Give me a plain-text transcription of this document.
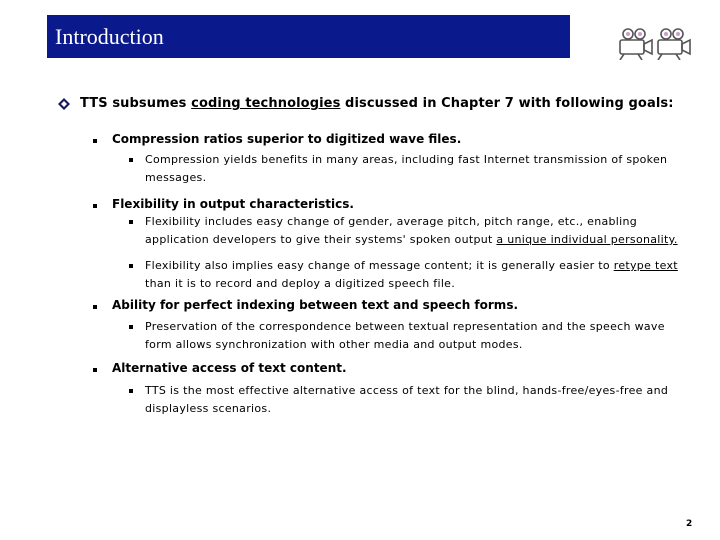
Introduction
TTS subsumes coding technologies discussed in Chapter 7 with following goals:
Compression ratios superior to digitized wave files.
Compression yields benefits in many areas, including fast Internet transmission of spoken messages.
Flexibility in output characteristics.
Flexibility includes easy change of gender, average pitch, pitch range, etc., enabling application developers to give their systems' spoken output a unique individual personality.
Flexibility also implies easy change of message content; it is generally easier to retype text than it is to record and deploy a digitized speech file.
Ability for perfect indexing between text and speech forms.
Preservation of the correspondence between textual representation and the speech wave form allows synchronization with other media and output modes.
Alternative access of text content.
TTS is the most effective alternative access of text for the blind, hands-free/eyes-free and displayless scenarios.
2
